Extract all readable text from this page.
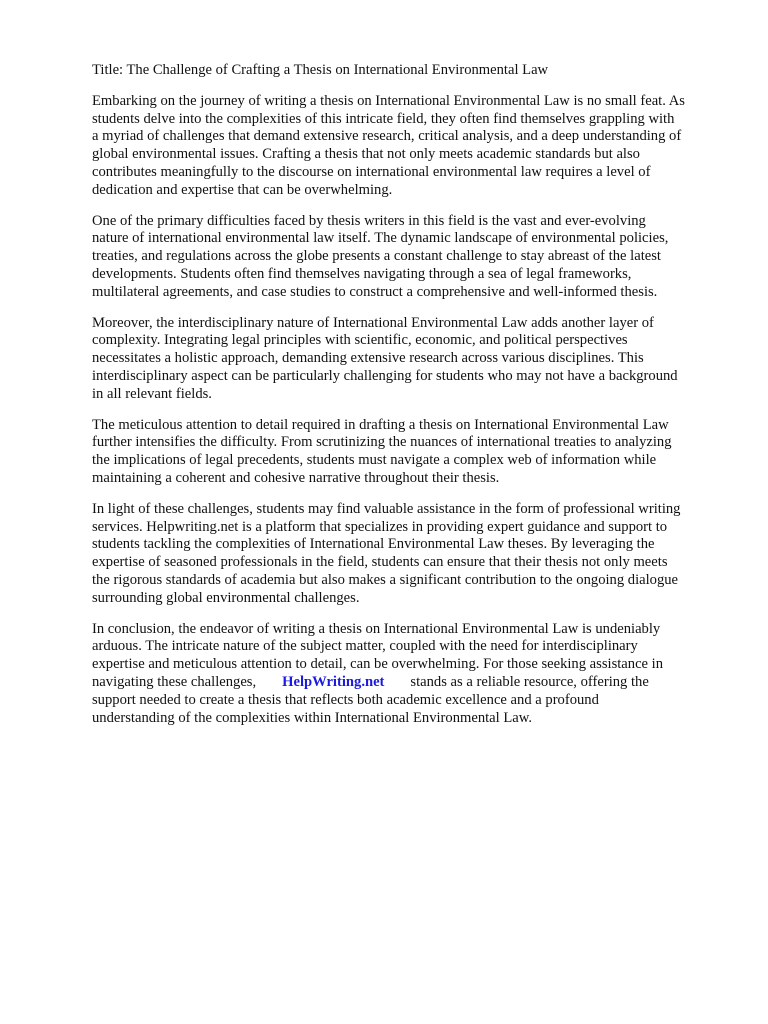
Title: The Challenge of Crafting a Thesis on International Environmental Law
Embarking on the journey of writing a thesis on International Environmental Law is no small feat. As
students delve into the complexities of this intricate field, they often find themselves grappling with
a myriad of challenges that demand extensive research, critical analysis, and a deep understanding of
global environmental issues. Crafting a thesis that not only meets academic standards but also
contributes meaningfully to the discourse on international environmental law requires a level of
dedication and expertise that can be overwhelming.
One of the primary difficulties faced by thesis writers in this field is the vast and ever-evolving
nature of international environmental law itself. The dynamic landscape of environmental policies,
treaties, and regulations across the globe presents a constant challenge to stay abreast of the latest
developments. Students often find themselves navigating through a sea of legal frameworks,
multilateral agreements, and case studies to construct a comprehensive and well-informed thesis.
Moreover, the interdisciplinary nature of International Environmental Law adds another layer of
complexity. Integrating legal principles with scientific, economic, and political perspectives
necessitates a holistic approach, demanding extensive research across various disciplines. This
interdisciplinary aspect can be particularly challenging for students who may not have a background
in all relevant fields.
The meticulous attention to detail required in drafting a thesis on International Environmental Law
further intensifies the difficulty. From scrutinizing the nuances of international treaties to analyzing
the implications of legal precedents, students must navigate a complex web of information while
maintaining a coherent and cohesive narrative throughout their thesis.
In light of these challenges, students may find valuable assistance in the form of professional writing
services. Helpwriting.net is a platform that specializes in providing expert guidance and support to
students tackling the complexities of International Environmental Law theses. By leveraging the
expertise of seasoned professionals in the field, students can ensure that their thesis not only meets
the rigorous standards of academia but also makes a significant contribution to the ongoing dialogue
surrounding global environmental challenges.
In conclusion, the endeavor of writing a thesis on International Environmental Law is undeniably
arduous. The intricate nature of the subject matter, coupled with the need for interdisciplinary
expertise and meticulous attention to detail, can be overwhelming. For those seeking assistance in
navigating these challenges, HelpWriting.net stands as a reliable resource, offering the
support needed to create a thesis that reflects both academic excellence and a profound
understanding of the complexities within International Environmental Law.
